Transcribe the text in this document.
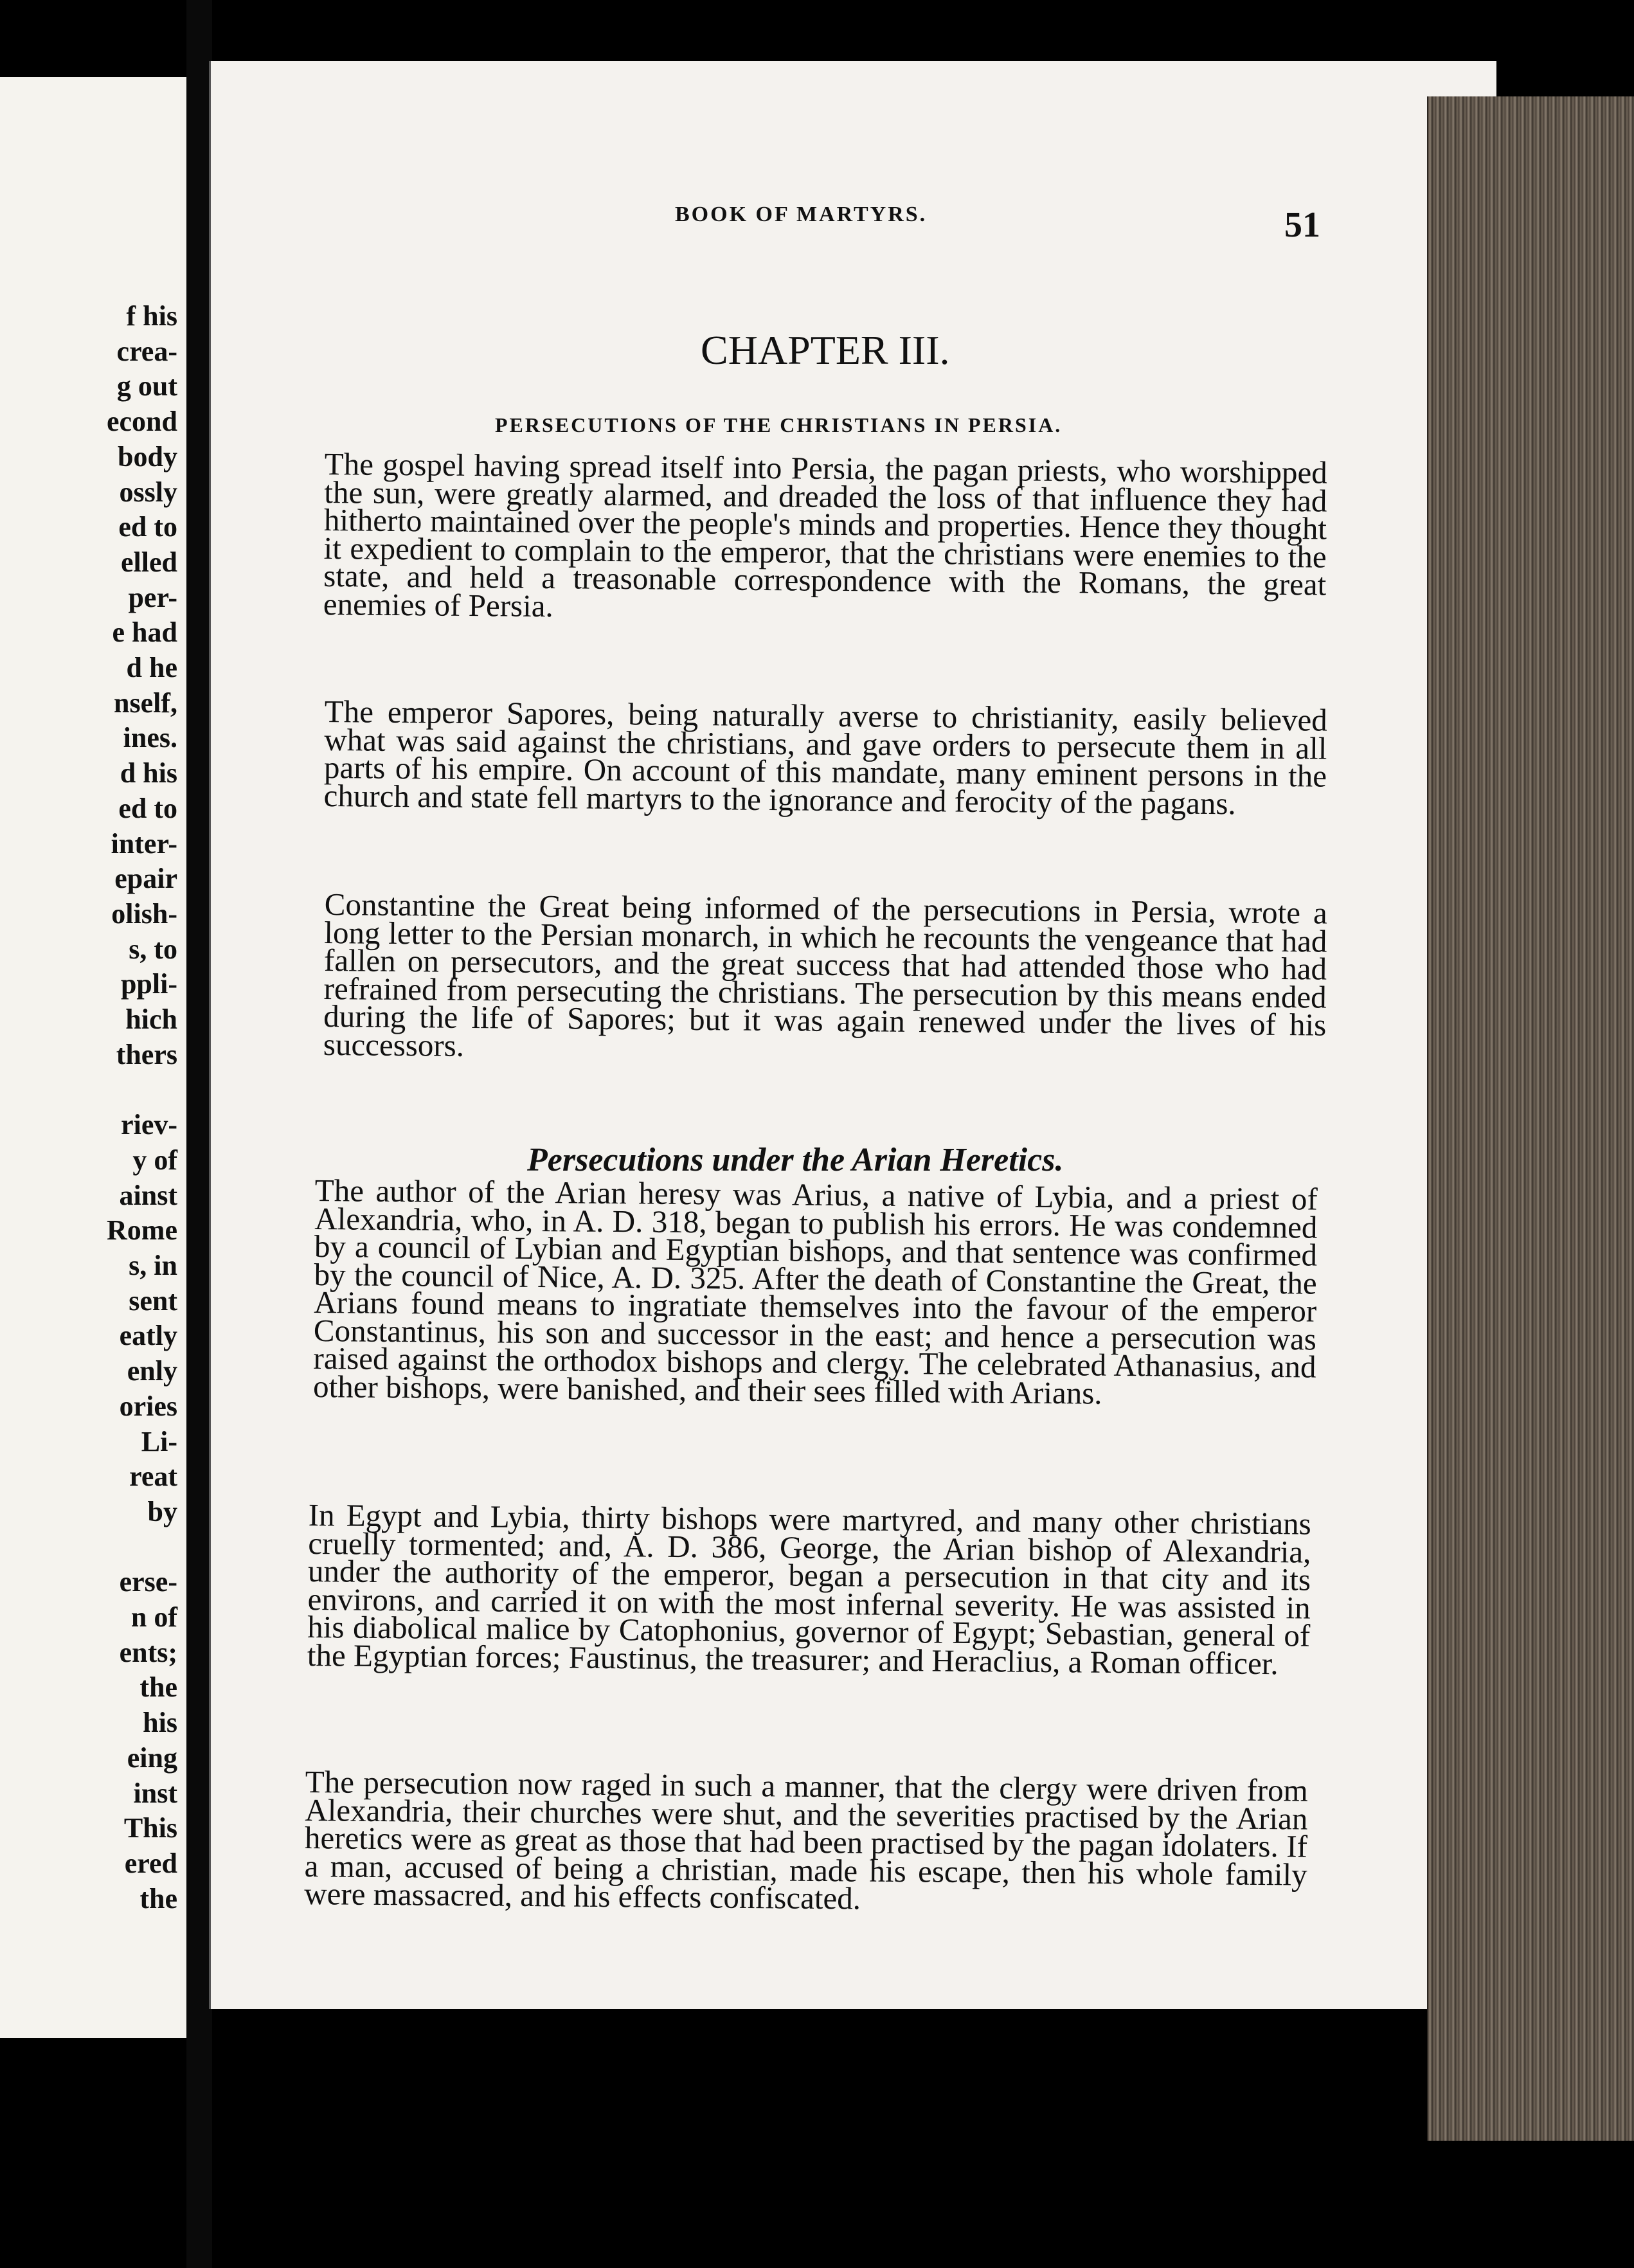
f his
crea-
g out
econd
body
ossly
ed to
elled
per-
e had
d he
nself,
ines.
d his
ed to
inter-
epair
olish-
s, to
ppli-
hich
thers

riev-
y of
ainst
Rome
s, in
sent
eatly
enly
ories
Li-
reat
by

erse-
n of
ents;
the
his
eing
inst
This
ered
the
BOOK OF MARTYRS.	51
CHAPTER III.
PERSECUTIONS OF THE CHRISTIANS IN PERSIA.
The gospel having spread itself into Persia, the pagan priests, who worshipped the sun, were greatly alarmed, and dreaded the loss of that influence they had hitherto maintained over the people's minds and properties. Hence they thought it expedient to complain to the emperor, that the christians were enemies to the state, and held a treasonable correspondence with the Romans, the great enemies of Persia.
The emperor Sapores, being naturally averse to christianity, easily believed what was said against the christians, and gave orders to persecute them in all parts of his empire. On account of this mandate, many eminent persons in the church and state fell martyrs to the ignorance and ferocity of the pagans.
Constantine the Great being informed of the persecutions in Persia, wrote a long letter to the Persian monarch, in which he recounts the vengeance that had fallen on persecutors, and the great success that had attended those who had refrained from persecuting the christians. The persecution by this means ended during the life of Sapores; but it was again renewed under the lives of his successors.
Persecutions under the Arian Heretics.
The author of the Arian heresy was Arius, a native of Lybia, and a priest of Alexandria, who, in A. D. 318, began to publish his errors. He was condemned by a council of Lybian and Egyptian bishops, and that sentence was confirmed by the council of Nice, A. D. 325. After the death of Constantine the Great, the Arians found means to ingratiate themselves into the favour of the emperor Constantinus, his son and successor in the east; and hence a persecution was raised against the orthodox bishops and clergy. The celebrated Athanasius, and other bishops, were banished, and their sees filled with Arians.
In Egypt and Lybia, thirty bishops were martyred, and many other christians cruelly tormented; and, A. D. 386, George, the Arian bishop of Alexandria, under the authority of the emperor, began a persecution in that city and its environs, and carried it on with the most infernal severity. He was assisted in his diabolical malice by Catophonius, governor of Egypt; Sebastian, general of the Egyptian forces; Faustinus, the treasurer; and Heraclius, a Roman officer.
The persecution now raged in such a manner, that the clergy were driven from Alexandria, their churches were shut, and the severities practised by the Arian heretics were as great as those that had been practised by the pagan idolaters. If a man, accused of being a christian, made his escape, then his whole family were massacred, and his effects confiscated.
